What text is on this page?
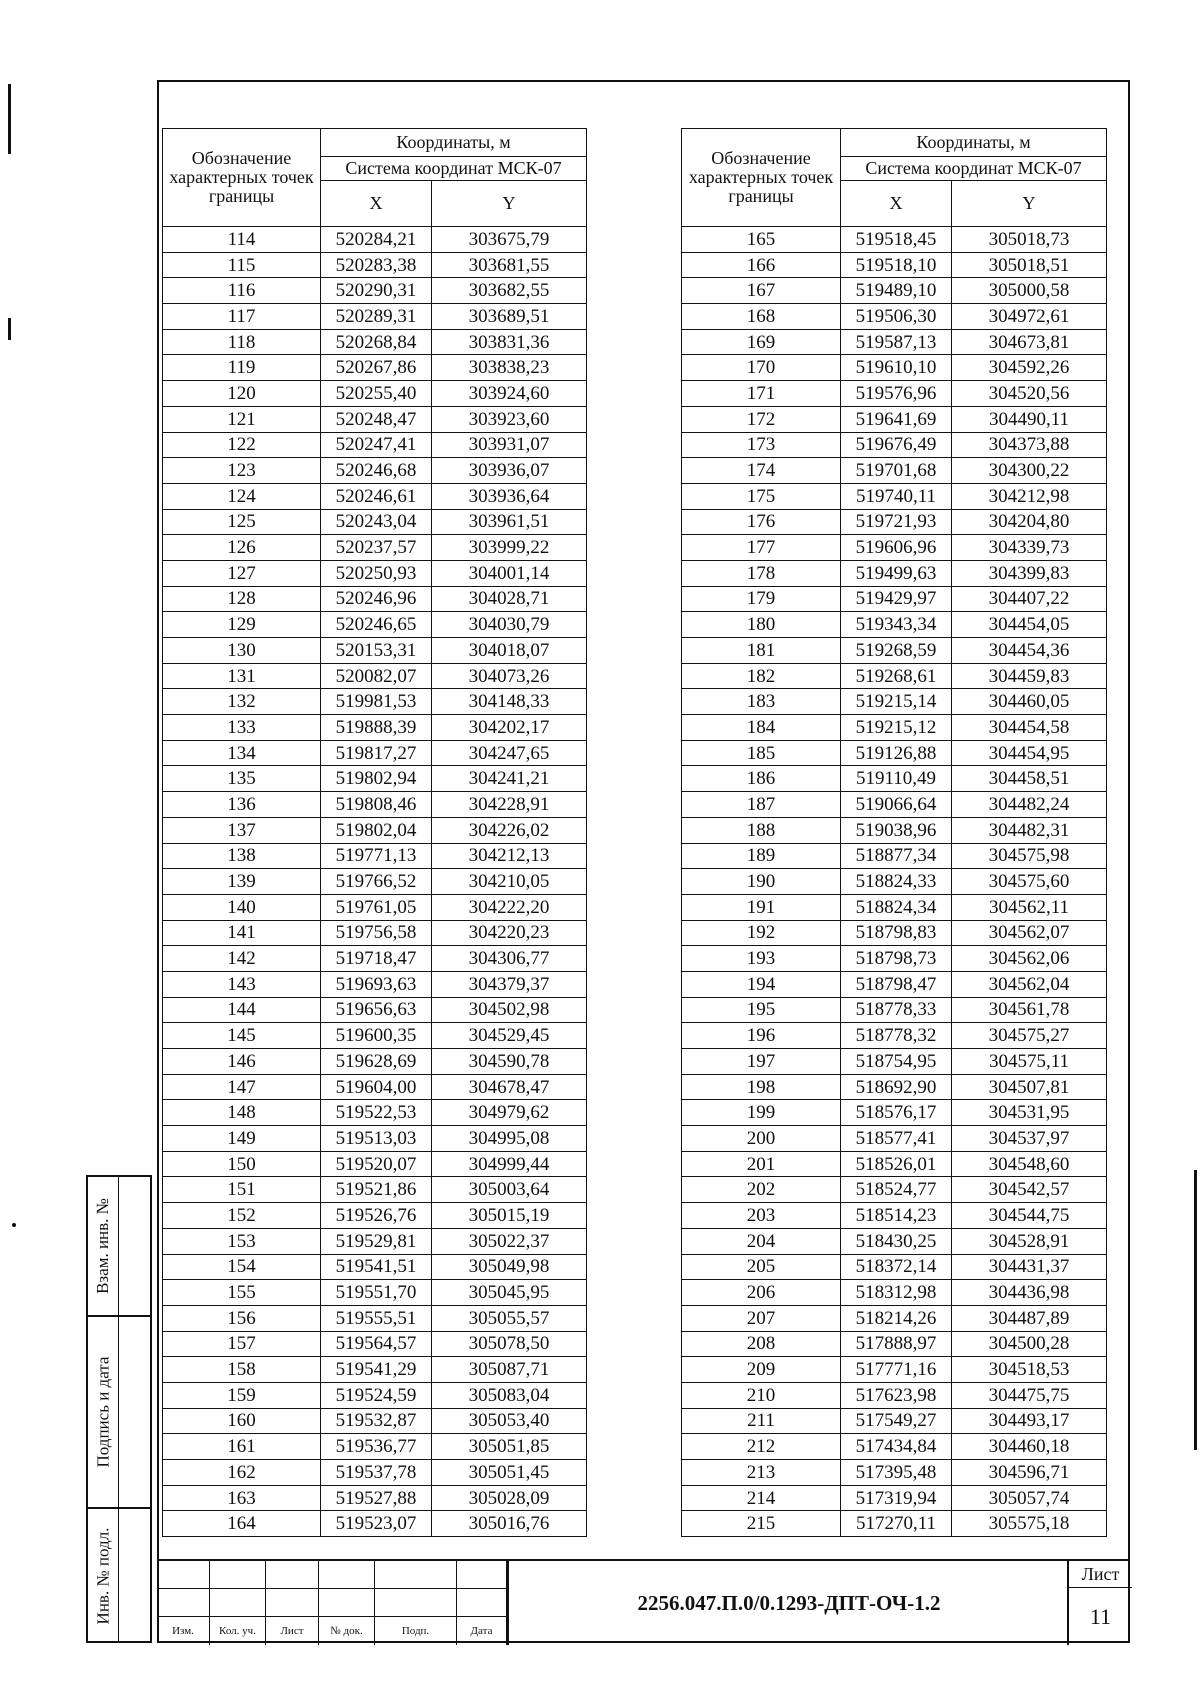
Обозначение характерных точек границы	Координаты, м	
	Система координат МСК-07	
	X	Y
114	520284,21	303675,79
115	520283,38	303681,55
116	520290,31	303682,55
117	520289,31	303689,51
118	520268,84	303831,36
119	520267,86	303838,23
120	520255,40	303924,60
121	520248,47	303923,60
122	520247,41	303931,07
123	520246,68	303936,07
124	520246,61	303936,64
125	520243,04	303961,51
126	520237,57	303999,22
127	520250,93	304001,14
128	520246,96	304028,71
129	520246,65	304030,79
130	520153,31	304018,07
131	520082,07	304073,26
132	519981,53	304148,33
133	519888,39	304202,17
134	519817,27	304247,65
135	519802,94	304241,21
136	519808,46	304228,91
137	519802,04	304226,02
138	519771,13	304212,13
139	519766,52	304210,05
140	519761,05	304222,20
141	519756,58	304220,23
142	519718,47	304306,77
143	519693,63	304379,37
144	519656,63	304502,98
145	519600,35	304529,45
146	519628,69	304590,78
147	519604,00	304678,47
148	519522,53	304979,62
149	519513,03	304995,08
150	519520,07	304999,44
151	519521,86	305003,64
152	519526,76	305015,19
153	519529,81	305022,37
154	519541,51	305049,98
155	519551,70	305045,95
156	519555,51	305055,57
157	519564,57	305078,50
158	519541,29	305087,71
159	519524,59	305083,04
160	519532,87	305053,40
161	519536,77	305051,85
162	519537,78	305051,45
163	519527,88	305028,09
164	519523,07	305016,76
Обозначение характерных точек границы	Координаты, м	
	Система координат МСК-07	
	X	Y
165	519518,45	305018,73
166	519518,10	305018,51
167	519489,10	305000,58
168	519506,30	304972,61
169	519587,13	304673,81
170	519610,10	304592,26
171	519576,96	304520,56
172	519641,69	304490,11
173	519676,49	304373,88
174	519701,68	304300,22
175	519740,11	304212,98
176	519721,93	304204,80
177	519606,96	304339,73
178	519499,63	304399,83
179	519429,97	304407,22
180	519343,34	304454,05
181	519268,59	304454,36
182	519268,61	304459,83
183	519215,14	304460,05
184	519215,12	304454,58
185	519126,88	304454,95
186	519110,49	304458,51
187	519066,64	304482,24
188	519038,96	304482,31
189	518877,34	304575,98
190	518824,33	304575,60
191	518824,34	304562,11
192	518798,83	304562,07
193	518798,73	304562,06
194	518798,47	304562,04
195	518778,33	304561,78
196	518778,32	304575,27
197	518754,95	304575,11
198	518692,90	304507,81
199	518576,17	304531,95
200	518577,41	304537,97
201	518526,01	304548,60
202	518524,77	304542,57
203	518514,23	304544,75
204	518430,25	304528,91
205	518372,14	304431,37
206	518312,98	304436,98
207	518214,26	304487,89
208	517888,97	304500,28
209	517771,16	304518,53
210	517623,98	304475,75
211	517549,27	304493,17
212	517434,84	304460,18
213	517395,48	304596,71
214	517319,94	305057,74
215	517270,11	305575,18
Взам. инв. №
Подпись и дата
Инв. № подл.
Изм.	Кол. уч.	Лист	№ док.	Подп.	Дата
2256.047.П.0/0.1293-ДПТ-ОЧ-1.2
Лист
11
